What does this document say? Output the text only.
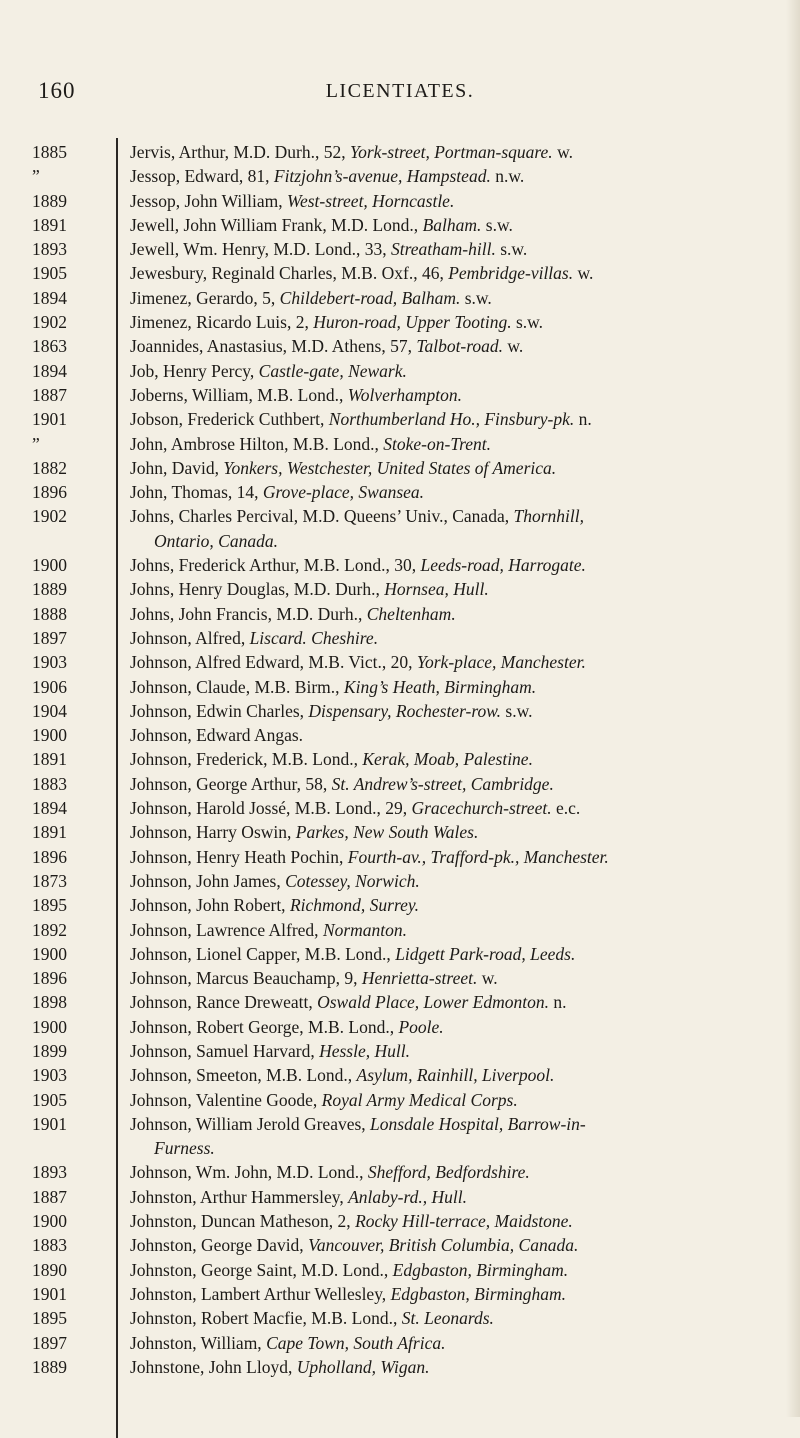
160	LICENTIATES.
1885	Jervis, Arthur, M.D. Durh., 52, York-street, Portman-square. w.
”	Jessop, Edward, 81, Fitzjohn’s-avenue, Hampstead. n.w.
1889	Jessop, John William, West-street, Horncastle.
1891	Jewell, John William Frank, M.D. Lond., Balham. s.w.
1893	Jewell, Wm. Henry, M.D. Lond., 33, Streatham-hill. s.w.
1905	Jewesbury, Reginald Charles, M.B. Oxf., 46, Pembridge-villas. w.
1894	Jimenez, Gerardo, 5, Childebert-road, Balham. s.w.
1902	Jimenez, Ricardo Luis, 2, Huron-road, Upper Tooting. s.w.
1863	Joannides, Anastasius, M.D. Athens, 57, Talbot-road. w.
1894	Job, Henry Percy, Castle-gate, Newark.
1887	Joberns, William, M.B. Lond., Wolverhampton.
1901	Jobson, Frederick Cuthbert, Northumberland Ho., Finsbury-pk. n.
”	John, Ambrose Hilton, M.B. Lond., Stoke-on-Trent.
1882	John, David, Yonkers, Westchester, United States of America.
1896	John, Thomas, 14, Grove-place, Swansea.
1902	Johns, Charles Percival, M.D. Queens’ Univ., Canada, Thornhill,
Ontario, Canada.
1900	Johns, Frederick Arthur, M.B. Lond., 30, Leeds-road, Harrogate.
1889	Johns, Henry Douglas, M.D. Durh., Hornsea, Hull.
1888	Johns, John Francis, M.D. Durh., Cheltenham.
1897	Johnson, Alfred, Liscard. Cheshire.
1903	Johnson, Alfred Edward, M.B. Vict., 20, York-place, Manchester.
1906	Johnson, Claude, M.B. Birm., King’s Heath, Birmingham.
1904	Johnson, Edwin Charles, Dispensary, Rochester-row. s.w.
1900	Johnson, Edward Angas.
1891	Johnson, Frederick, M.B. Lond., Kerak, Moab, Palestine.
1883	Johnson, George Arthur, 58, St. Andrew’s-street, Cambridge.
1894	Johnson, Harold Jossé, M.B. Lond., 29, Gracechurch-street. e.c.
1891	Johnson, Harry Oswin, Parkes, New South Wales.
1896	Johnson, Henry Heath Pochin, Fourth-av., Trafford-pk., Manchester.
1873	Johnson, John James, Cotessey, Norwich.
1895	Johnson, John Robert, Richmond, Surrey.
1892	Johnson, Lawrence Alfred, Normanton.
1900	Johnson, Lionel Capper, M.B. Lond., Lidgett Park-road, Leeds.
1896	Johnson, Marcus Beauchamp, 9, Henrietta-street. w.
1898	Johnson, Rance Dreweatt, Oswald Place, Lower Edmonton. n.
1900	Johnson, Robert George, M.B. Lond., Poole.
1899	Johnson, Samuel Harvard, Hessle, Hull.
1903	Johnson, Smeeton, M.B. Lond., Asylum, Rainhill, Liverpool.
1905	Johnson, Valentine Goode, Royal Army Medical Corps.
1901	Johnson, William Jerold Greaves, Lonsdale Hospital, Barrow-in-
Furness.
1893	Johnson, Wm. John, M.D. Lond., Shefford, Bedfordshire.
1887	Johnston, Arthur Hammersley, Anlaby-rd., Hull.
1900	Johnston, Duncan Matheson, 2, Rocky Hill-terrace, Maidstone.
1883	Johnston, George David, Vancouver, British Columbia, Canada.
1890	Johnston, George Saint, M.D. Lond., Edgbaston, Birmingham.
1901	Johnston, Lambert Arthur Wellesley, Edgbaston, Birmingham.
1895	Johnston, Robert Macfie, M.B. Lond., St. Leonards.
1897	Johnston, William, Cape Town, South Africa.
1889	Johnstone, John Lloyd, Upholland, Wigan.
